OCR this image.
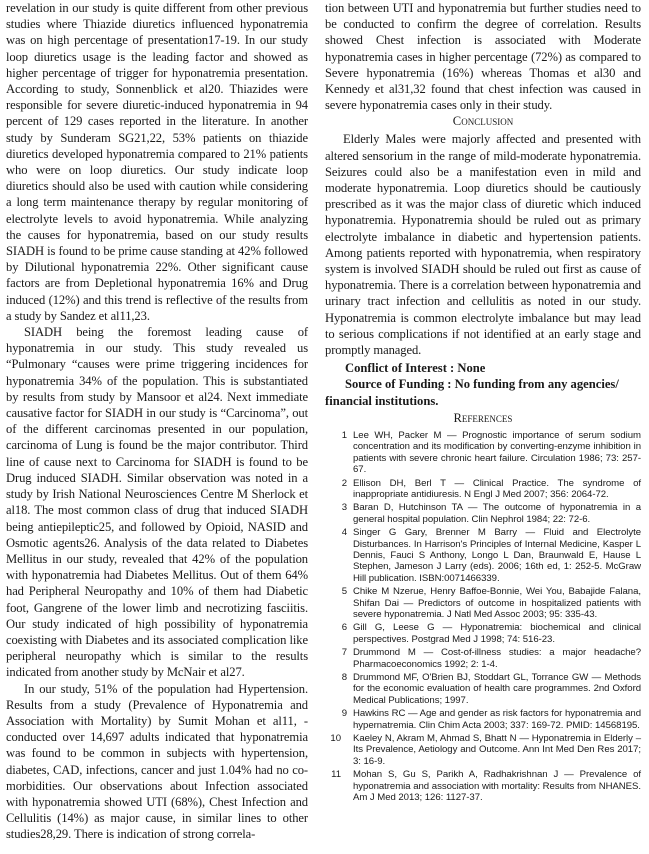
revelation in our study is quite different from other previous studies where Thiazide diuretics influenced hyponatremia was on high percentage of presentation17-19. In our study loop diuretics usage is the leading factor and showed as higher percentage of trigger for hyponatremia presentation. According to study, Sonnenblick et al20. Thiazides were responsible for severe diuretic-induced hyponatremia in 94 percent of 129 cases reported in the literature. In another study by Sunderam SG21,22, 53% patients on thiazide diuretics developed hyponatremia compared to 21% patients who were on loop diuretics. Our study indicate loop diuretics should also be used with caution while considering a long term maintenance therapy by regular monitoring of electrolyte levels to avoid hyponatremia. While analyzing the causes for hyponatremia, based on our study results SIADH is found to be prime cause standing at 42% followed by Dilutional hyponatremia 22%. Other significant cause factors are from Depletional hyponatremia 16% and Drug induced (12%) and this trend is reflective of the results from a study by Sandez et al11,23.

SIADH being the foremost leading cause of hyponatremia in our study. This study revealed us “Pulmonary “causes were prime triggering incidences for hyponatremia 34% of the population. This is substantiated by results from study by Mansoor et al24. Next immediate causative factor for SIADH in our study is “Carcinoma”, out of the different carcinomas presented in our population, carcinoma of Lung is found be the major contributor. Third line of cause next to Carcinoma for SIADH is found to be Drug induced SIADH. Similar observation was noted in a study by Irish National Neurosciences Centre M Sherlock et al18. The most common class of drug that induced SIADH being antiepileptic25, and followed by Opioid, NASID and Osmotic agents26. Analysis of the data related to Diabetes Mellitus in our study, revealed that 42% of the population with hyponatremia had Diabetes Mellitus. Out of them 64% had Peripheral Neuropathy and 10% of them had Diabetic foot, Gangrene of the lower limb and necrotizing fasciitis. Our study indicated of high possibility of hyponatremia coexisting with Diabetes and its associated complication like peripheral neuropathy which is similar to the results indicated from another study by McNair et al27.

In our study, 51% of the population had Hypertension. Results from a study (Prevalence of Hyponatremia and Association with Mortality) by Sumit Mohan et al11, - conducted over 14,697 adults indicated that hyponatremia was found to be common in subjects with hypertension, diabetes, CAD, infections, cancer and just 1.04% had no co-morbidities. Our observations about Infection associated with hyponatremia showed UTI (68%), Chest Infection and Cellulitis (14%) as major cause, in similar lines to other studies28,29. There is indication of strong correla-

tion between UTI and hyponatremia but further studies need to be conducted to confirm the degree of correlation. Results showed Chest infection is associated with Moderate hyponatremia cases in higher percentage (72%) as compared to Severe hyponatremia (16%) whereas Thomas et al30 and Kennedy et al31,32 found that chest infection was caused in severe hyponatremia cases only in their study.

Conclusion

Elderly Males were majorly affected and presented with altered sensorium in the range of mild-moderate hyponatremia. Seizures could also be a manifestation even in mild and moderate hyponatremia. Loop diuretics should be cautiously prescribed as it was the major class of diuretic which induced hyponatremia. Hyponatremia should be ruled out as primary electrolyte imbalance in diabetic and hypertension patients. Among patients reported with hyponatremia, when respiratory system is involved SIADH should be ruled out first as cause of hyponatremia. There is a correlation between hyponatremia and urinary tract infection and cellulitis as noted in our study. Hyponatremia is common electrolyte imbalance but may lead to serious complications if not identified at an early stage and promptly managed.

Conflict of Interest : None

Source of Funding : No funding from any agencies/

financial institutions.

References
1 Lee WH, Packer M — Prognostic importance of serum sodium concentration and its modification by converting-enzyme inhibition in patients with severe chronic heart failure. Circulation 1986; 73: 257-67.
2 Ellison DH, Berl T — Clinical Practice. The syndrome of inappropriate antidiuresis. N Engl J Med 2007; 356: 2064-72.
3 Baran D, Hutchinson TA — The outcome of hyponatremia in a general hospital population. Clin Nephrol 1984; 22: 72-6.
4 Singer G Gary, Brenner M Barry — Fluid and Electrolyte Disturbances. In Harrison's Principles of Internal Medicine, Kasper L Dennis, Fauci S Anthony, Longo L Dan, Braunwald E, Hause L Stephen, Jameson J Larry (eds). 2006; 16th ed, 1: 252-5. McGraw Hill publication. ISBN:0071466339.
5 Chike M Nzerue, Henry Baffoe-Bonnie, Wei You, Babajide Falana, Shifan Dai — Predictors of outcome in hospitalized patients with severe hyponatremia. J Natl Med Assoc 2003; 95: 335-43.
6 Gill G, Leese G — Hyponatremia: biochemical and clinical perspectives. Postgrad Med J 1998; 74: 516-23.
7 Drummond M — Cost-of-illness studies: a major headache? Pharmacoeconomics 1992; 2: 1-4.
8 Drummond MF, O'Brien BJ, Stoddart GL, Torrance GW — Methods for the economic evaluation of health care programmes. 2nd Oxford Medical Publications; 1997.
9 Hawkins RC — Age and gender as risk factors for hyponatremia and hypernatremia. Clin Chim Acta 2003; 337: 169-72. PMID: 14568195.
10 Kaeley N, Akram M, Ahmad S, Bhatt N — Hyponatremia in Elderly – Its Prevalence, Aetiology and Outcome. Ann Int Med Den Res 2017; 3: 16-9.
11 Mohan S, Gu S, Parikh A, Radhakrishnan J — Prevalence of hyponatremia and association with mortality: Results from NHANES. Am J Med 2013; 126: 1127-37.
